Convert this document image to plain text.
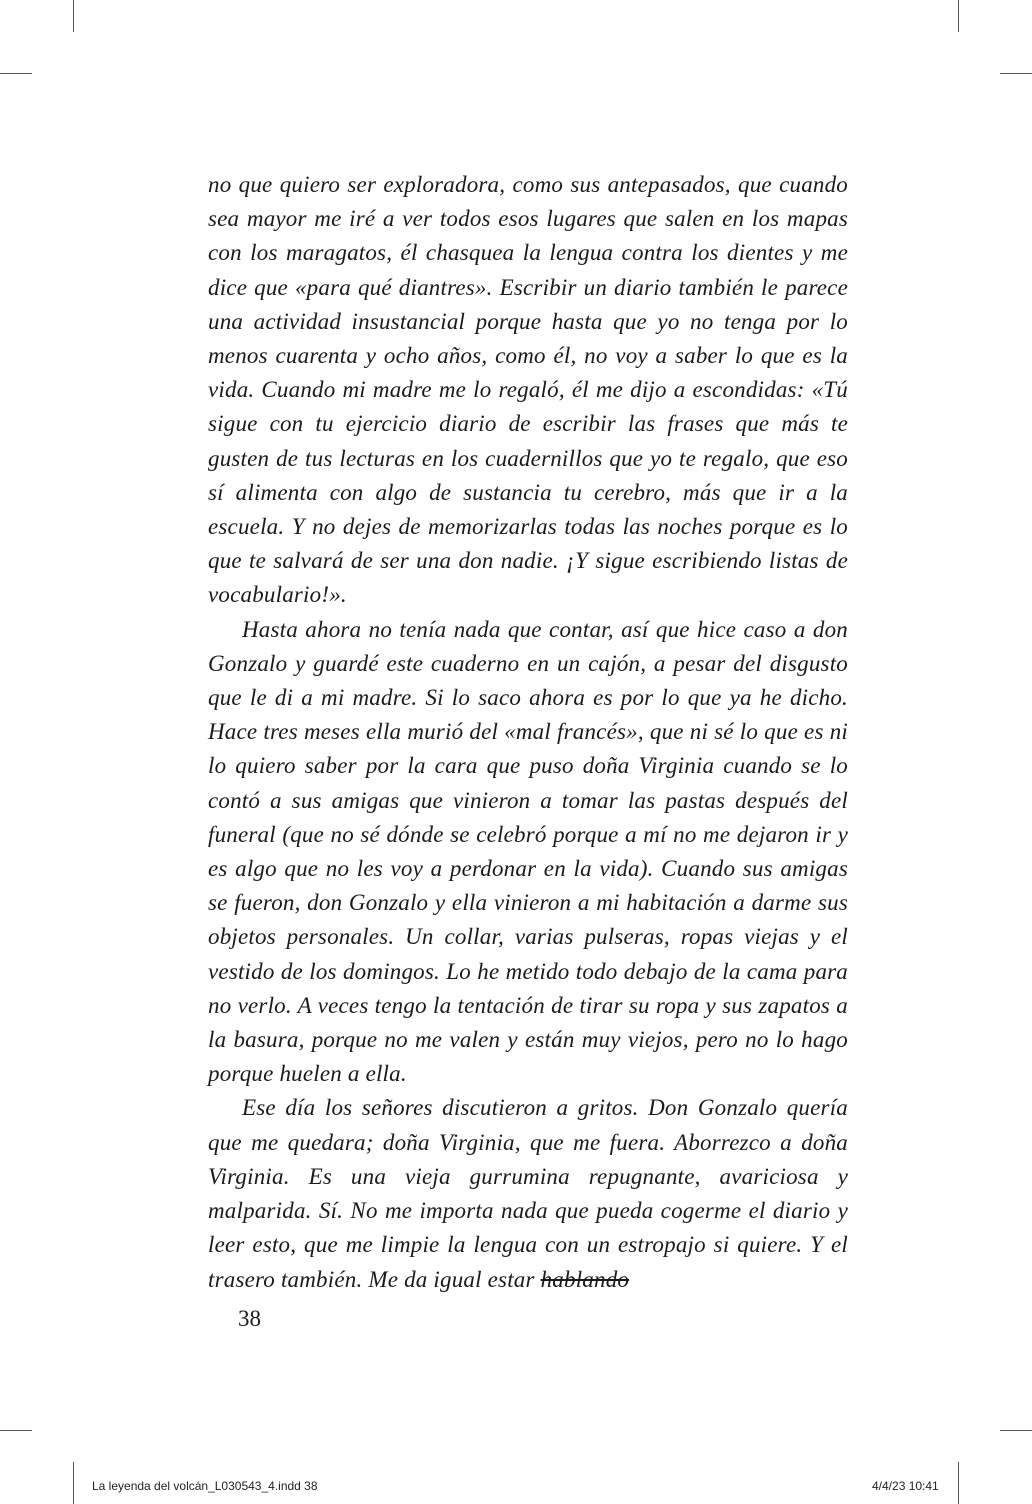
no que quiero ser exploradora, como sus antepasados, que cuando sea mayor me iré a ver todos esos lugares que salen en los mapas con los maragatos, él chasquea la lengua contra los dientes y me dice que «para qué diantres». Escribir un diario también le parece una actividad insustancial porque hasta que yo no tenga por lo menos cuarenta y ocho años, como él, no voy a saber lo que es la vida. Cuando mi madre me lo regaló, él me dijo a escondidas: «Tú sigue con tu ejercicio diario de escribir las frases que más te gusten de tus lecturas en los cuadernillos que yo te regalo, que eso sí alimenta con algo de sustancia tu cerebro, más que ir a la escuela. Y no dejes de memorizarlas todas las noches porque es lo que te salvará de ser una don nadie. ¡Y sigue escribiendo listas de vocabulario!».

Hasta ahora no tenía nada que contar, así que hice caso a don Gonzalo y guardé este cuaderno en un cajón, a pesar del disgusto que le di a mi madre. Si lo saco ahora es por lo que ya he dicho. Hace tres meses ella murió del «mal francés», que ni sé lo que es ni lo quiero saber por la cara que puso doña Virginia cuando se lo contó a sus amigas que vinieron a tomar las pastas después del funeral (que no sé dónde se celebró porque a mí no me dejaron ir y es algo que no les voy a perdonar en la vida). Cuando sus amigas se fueron, don Gonzalo y ella vinieron a mi habitación a darme sus objetos personales. Un collar, varias pulseras, ropas viejas y el vestido de los domingos. Lo he metido todo debajo de la cama para no verlo. A veces tengo la tentación de tirar su ropa y sus zapatos a la basura, porque no me valen y están muy viejos, pero no lo hago porque huelen a ella.

Ese día los señores discutieron a gritos. Don Gonzalo quería que me quedara; doña Virginia, que me fuera. Aborrezco a doña Virginia. Es una vieja gurrumina repugnante, avariciosa y malparida. Sí. No me importa nada que pueda cogerme el diario y leer esto, que me limpie la lengua con un estropajo si quiere. Y el trasero también. Me da igual estar hablando

38
La leyenda del volcán_L030543_4.indd 38	4/4/23 10:41
